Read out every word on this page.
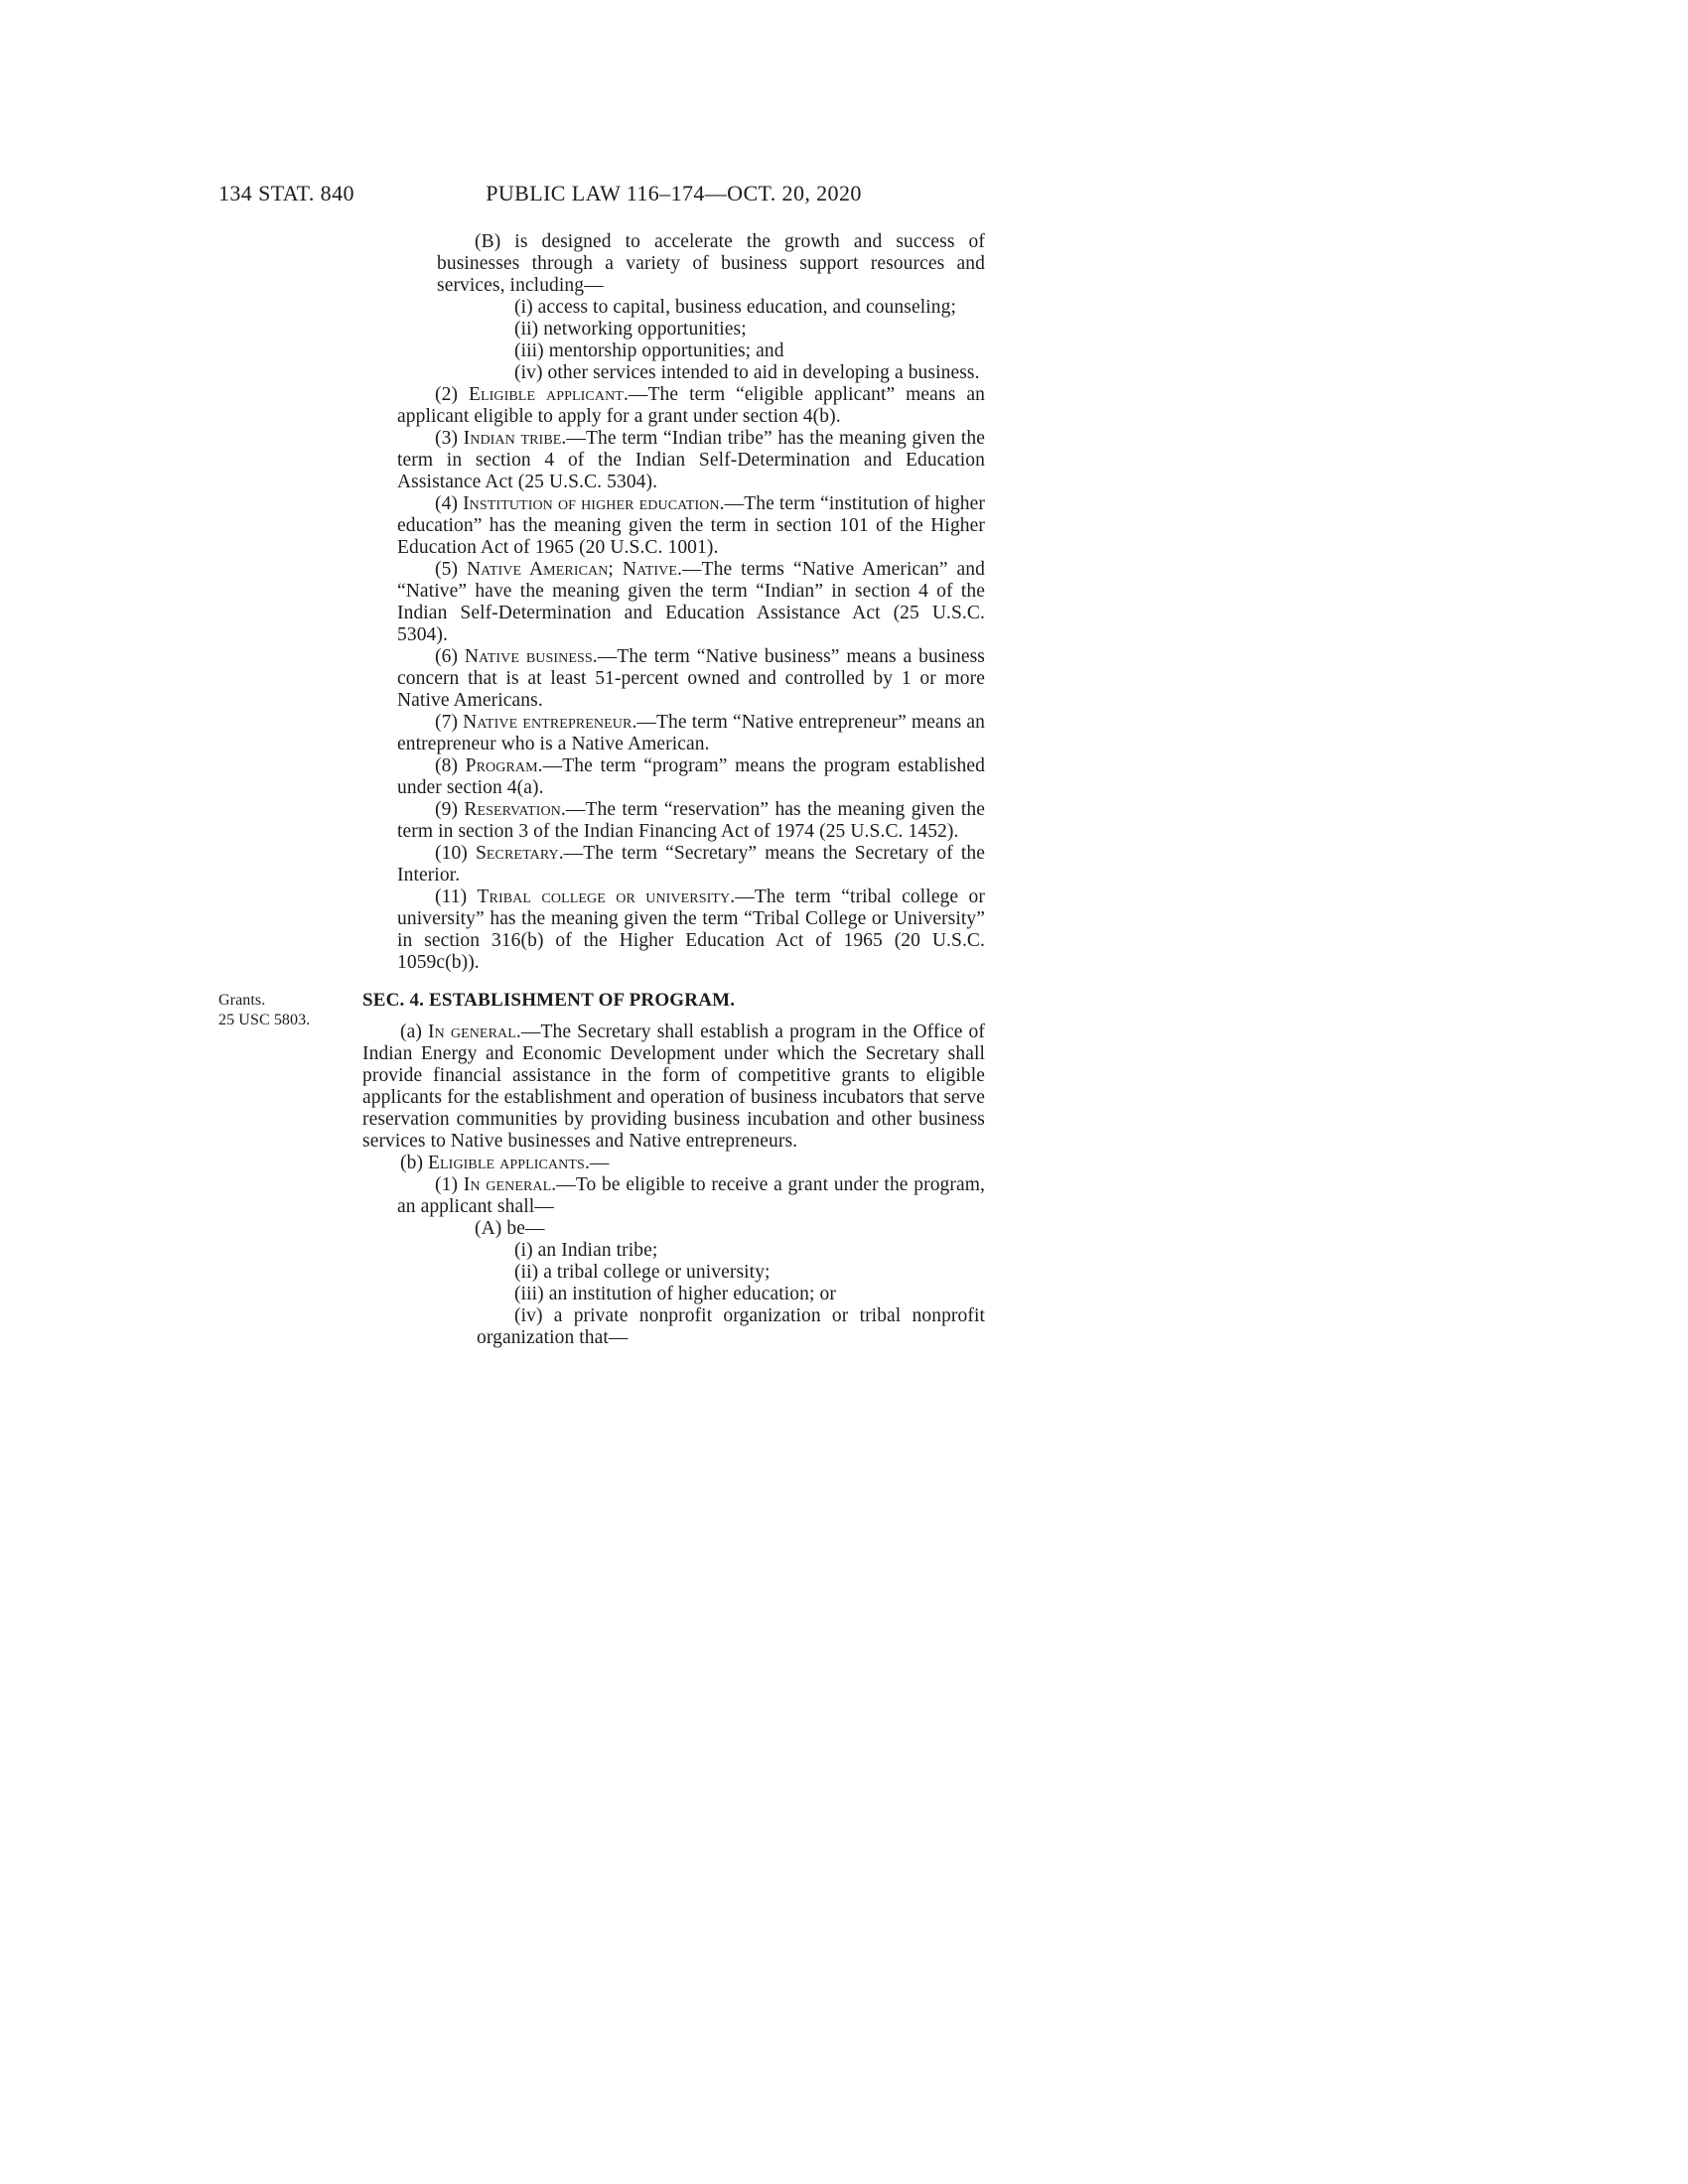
134 STAT. 840	PUBLIC LAW 116–174—OCT. 20, 2020

(B) is designed to accelerate the growth and success of businesses through a variety of business support resources and services, including—

(i) access to capital, business education, and counseling;

(ii) networking opportunities;

(iii) mentorship opportunities; and

(iv) other services intended to aid in developing a business.

(2) Eligible applicant.—The term “eligible applicant” means an applicant eligible to apply for a grant under section 4(b).

(3) Indian tribe.—The term “Indian tribe” has the meaning given the term in section 4 of the Indian Self-Determination and Education Assistance Act (25 U.S.C. 5304).

(4) Institution of higher education.—The term “institution of higher education” has the meaning given the term in section 101 of the Higher Education Act of 1965 (20 U.S.C. 1001).

(5) Native American; Native.—The terms “Native American” and “Native” have the meaning given the term “Indian” in section 4 of the Indian Self-Determination and Education Assistance Act (25 U.S.C. 5304).

(6) Native business.—The term “Native business” means a business concern that is at least 51-percent owned and controlled by 1 or more Native Americans.

(7) Native entrepreneur.—The term “Native entrepreneur” means an entrepreneur who is a Native American.

(8) Program.—The term “program” means the program established under section 4(a).

(9) Reservation.—The term “reservation” has the meaning given the term in section 3 of the Indian Financing Act of 1974 (25 U.S.C. 1452).

(10) Secretary.—The term “Secretary” means the Secretary of the Interior.

(11) Tribal college or university.—The term “tribal college or university” has the meaning given the term “Tribal College or University” in section 316(b) of the Higher Education Act of 1965 (20 U.S.C. 1059c(b)).

Grants.
25 USC 5803.
SEC. 4. ESTABLISHMENT OF PROGRAM.

(a) In general.—The Secretary shall establish a program in the Office of Indian Energy and Economic Development under which the Secretary shall provide financial assistance in the form of competitive grants to eligible applicants for the establishment and operation of business incubators that serve reservation communities by providing business incubation and other business services to Native businesses and Native entrepreneurs.

(b) Eligible applicants.—

(1) In general.—To be eligible to receive a grant under the program, an applicant shall—

(A) be—

(i) an Indian tribe;

(ii) a tribal college or university;

(iii) an institution of higher education; or

(iv) a private nonprofit organization or tribal nonprofit organization that—
